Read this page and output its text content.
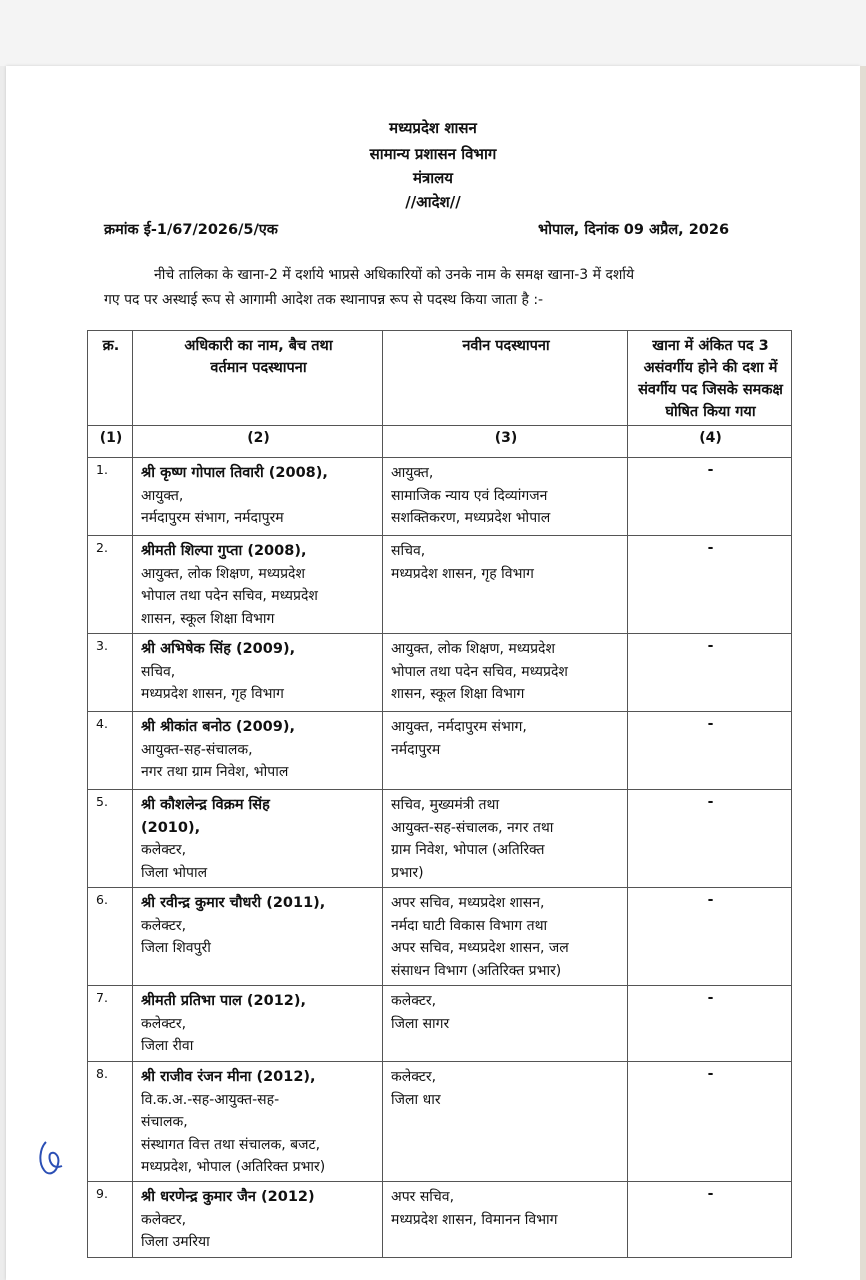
मध्यप्रदेश शासन
सामान्य प्रशासन विभाग
मंत्रालय
//आदेश//
क्रमांक ई-1/67/2026/5/एक	भोपाल, दिनांक 09 अप्रैल, 2026
नीचे तालिका के खाना-2 में दर्शाये भाप्रसे अधिकारियों को उनके नाम के समक्ष खाना-3 में दर्शाये
गए पद पर अस्थाई रूप से आगामी आदेश तक स्थानापन्न रूप से पदस्थ किया जाता है :-
क्र.	अधिकारी का नाम, बैच तथा
वर्तमान पदस्थापना	नवीन पदस्थापना	खाना में अंकित पद 3
असंवर्गीय होने की दशा में
संवर्गीय पद जिसके समकक्ष
घोषित किया गया

(1)	(2)	(3)	(4)
1.	श्री कृष्ण गोपाल तिवारी (2008),
आयुक्त,
नर्मदापुरम संभाग, नर्मदापुरम	आयुक्त,
सामाजिक न्याय एवं दिव्यांगजन
सशक्तिकरण, मध्यप्रदेश भोपाल	-
2.	श्रीमती शिल्पा गुप्ता (2008),
आयुक्त, लोक शिक्षण, मध्यप्रदेश
भोपाल तथा पदेन सचिव, मध्यप्रदेश
शासन, स्कूल शिक्षा विभाग	सचिव,
मध्यप्रदेश शासन, गृह विभाग	-
3.	श्री अभिषेक सिंह (2009),
सचिव,
मध्यप्रदेश शासन, गृह विभाग	आयुक्त, लोक शिक्षण, मध्यप्रदेश
भोपाल तथा पदेन सचिव, मध्यप्रदेश
शासन, स्कूल शिक्षा विभाग	-
4.	श्री श्रीकांत बनोठ (2009),
आयुक्त-सह-संचालक,
नगर तथा ग्राम निवेश, भोपाल	आयुक्त, नर्मदापुरम संभाग,
नर्मदापुरम	-
5.	श्री कौशलेन्द्र विक्रम सिंह
(2010),
कलेक्टर,
जिला भोपाल	सचिव, मुख्यमंत्री तथा
आयुक्त-सह-संचालक, नगर तथा
ग्राम निवेश, भोपाल (अतिरिक्त
प्रभार)	-
6.	श्री रवीन्द्र कुमार चौधरी (2011),
कलेक्टर,
जिला शिवपुरी	अपर सचिव, मध्यप्रदेश शासन,
नर्मदा घाटी विकास विभाग तथा
अपर सचिव, मध्यप्रदेश शासन, जल
संसाधन विभाग (अतिरिक्त प्रभार)	-
7.	श्रीमती प्रतिभा पाल (2012),
कलेक्टर,
जिला रीवा	कलेक्टर,
जिला सागर	-
8.	श्री राजीव रंजन मीना (2012),
वि.क.अ.-सह-आयुक्त-सह-
संचालक,
संस्थागत वित्त तथा संचालक, बजट,
मध्यप्रदेश, भोपाल (अतिरिक्त प्रभार)	कलेक्टर,
जिला धार	-
9.	श्री धरणेन्द्र कुमार जैन (2012)
कलेक्टर,
जिला उमरिया	अपर सचिव,
मध्यप्रदेश शासन, विमानन विभाग	-
